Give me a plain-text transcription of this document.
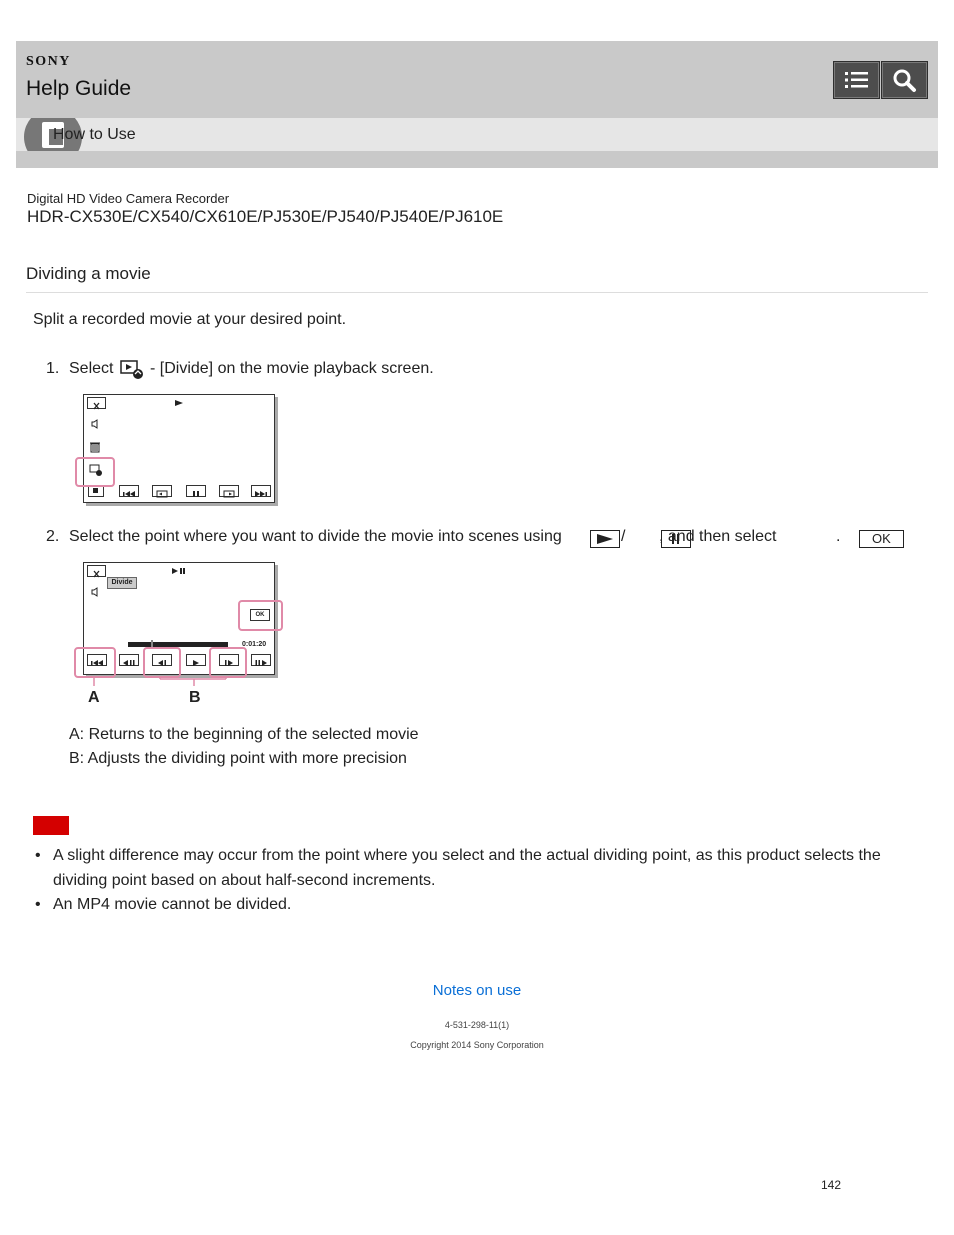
SONY
Help Guide
How to Use
Digital HD Video Camera Recorder
HDR-CX530E/CX540/CX610E/PJ530E/PJ540/PJ540E/PJ610E
Dividing a movie
Split a recorded movie at your desired point.
1. Select - [Divide] on the movie playback screen.
2. Select the point where you want to divide the movie into scenes using
	/
, and then select	OK
.
Divide
OK
0:01:20
A	B
A: Returns to the beginning of the selected movie
B: Adjusts the dividing point with more precision
• A slight difference may occur from the point where you select and the actual dividing point, as this product selects the dividing point based on about half-second increments.
• An MP4 movie cannot be divided.
Notes on use
4-531-298-11(1)
Copyright 2014 Sony Corporation
142
